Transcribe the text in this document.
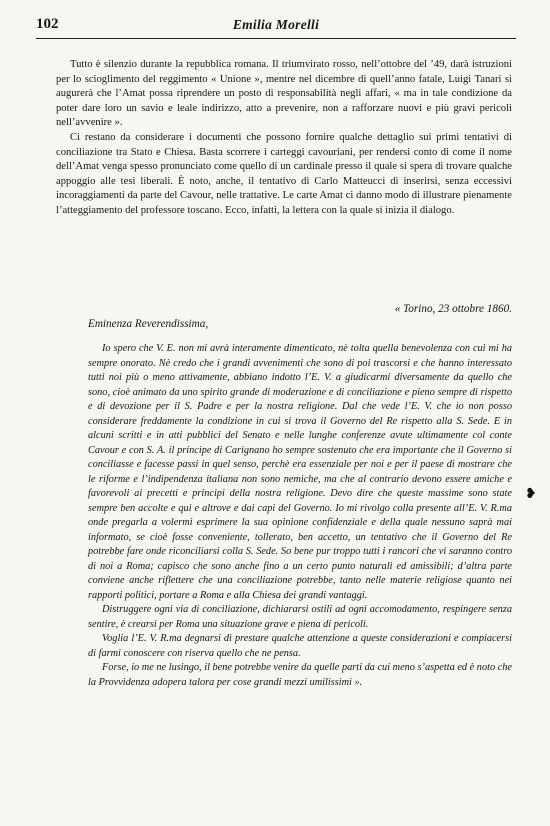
102	Emilia Morelli

Tutto è silenzio durante la repubblica romana. Il triumvirato rosso, nell’ottobre del ’49, darà istruzioni per lo scioglimento del reggimento « Unione », mentre nel dicembre di quell’anno fatale, Luigi Tanari si augurerà che l’Amat possa riprendere un posto di responsabilità negli affari, « ma in tale condizione da poter dare loro un savio e leale indirizzo, atto a prevenire, non a rafforzare nuovi e più gravi pericoli nell’avvenire ».

Ci restano da considerare i documenti che possono fornire qualche dettaglio sui primi tentativi di conciliazione tra Stato e Chiesa. Basta scorrere i carteggi cavouriani, per rendersi conto di come il nome dell’Amat venga spesso pronunciato come quello di un cardinale presso il quale si spera di trovare qualche appoggio alle tesi liberali. È noto, anche, il tentativo di Carlo Matteucci di inserirsi, senza eccessivi incoraggiamenti da parte del Cavour, nelle trattative. Le carte Amat ci danno modo di illustrare pienamente l’atteggiamento del professore toscano. Ecco, infatti, la lettera con la quale si inizia il dialogo.

« Torino, 23 ottobre 1860.
Eminenza Reverendissima,

Io spero che V. E. non mi avrà interamente dimenticato, nè tolta quella benevolenza con cui mi ha sempre onorato. Nè credo che i grandi avvenimenti che sono di poi trascorsi e che hanno interessato tutti noi più o meno attivamente, abbiano indotto l’E. V. a giudicarmi diversamente da quello che sono, cioè animato da uno spirito grande di moderazione e di conciliazione e pieno sempre di rispetto e di devozione per il S. Padre e per la nostra religione. Dal che vede l’E. V. che io non posso considerare freddamente la condizione in cui si trova il Governo del Re rispetto alla S. Sede. E in alcuni scritti e in atti pubblici del Senato e nelle lunghe conferenze avute ultimamente col conte Cavour e con S. A. il principe di Carignano ho sempre sostenuto che era importante che il Governo si conciliasse e facesse passi in quel senso, perchè era essenziale per noi e per il paese di mostrare che le riforme e l’indipendenza italiana non sono nemiche, ma che al contrario devono essere amiche e favorevoli ai precetti e principi della nostra religione. Devo dire che queste massime sono state sempre ben accolte e qui e altrove e dai capi del Governo. Io mi rivolgo colla presente all’E. V. R.ma onde pregarla a volermi esprimere la sua opinione confidenziale e della quale nessuno saprà mai informato, se cioè fosse conveniente, tollerato, ben accetto, un tentativo che il Governo del Re potrebbe fare onde riconciliarsi colla S. Sede. So bene pur troppo tutti i rancori che vi saranno contro di noi a Roma; capisco che sono anche fino a un certo punto naturali ed amissibili; d’altra parte conviene anche riflettere che una conciliazione potrebbe, tanto nelle materie religiose quanto nei rapporti politici, portare a Roma e alla Chiesa dei grandi vantaggi.

Distruggere ogni via di conciliazione, dichiararsi ostili ad ogni accomodamento, respingere senza sentire, è crearsi per Roma una situazione grave e piena di pericoli.

Voglia l’E. V. R.ma degnarsi di prestare qualche attenzione a queste considerazioni e compiacersi di farmi conoscere con riserva quello che ne pensa.

Forse, io me ne lusingo, il bene potrebbe venire da quelle parti da cui meno s’aspetta ed è noto che la Provvidenza adopera talora per cose grandi mezzi umilissimi ».

❥
